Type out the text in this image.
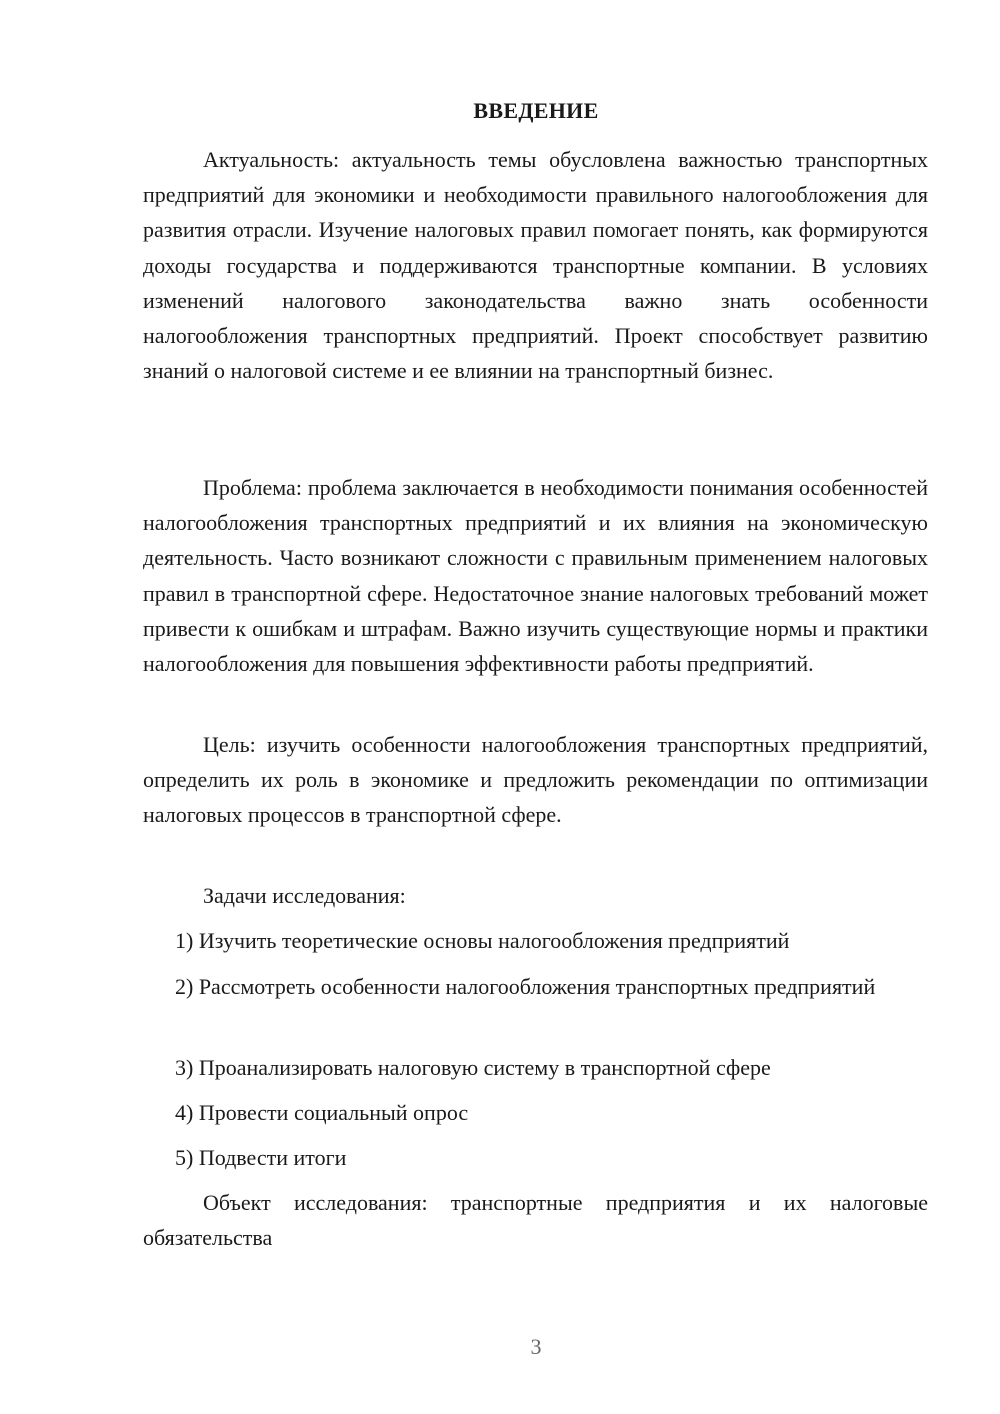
ВВЕДЕНИЕ

Актуальность: актуальность темы обусловлена важностью транспортных предприятий для экономики и необходимости правильного налогообложения для развития отрасли. Изучение налоговых правил помогает понять, как формируются доходы государства и поддерживаются транспортные компании. В условиях изменений налогового законодательства важно знать особенности налогообложения транспортных предприятий. Проект способствует развитию знаний о налоговой системе и ее влиянии на транспортный бизнес.

Проблема: проблема заключается в необходимости понимания особенностей налогообложения транспортных предприятий и их влияния на экономическую деятельность. Часто возникают сложности с правильным применением налоговых правил в транспортной сфере. Недостаточное знание налоговых требований может привести к ошибкам и штрафам. Важно изучить существующие нормы и практики налогообложения для повышения эффективности работы предприятий.

Цель: изучить особенности налогообложения транспортных предприятий, определить их роль в экономике и предложить рекомендации по оптимизации налоговых процессов в транспортной сфере.

Задачи исследования:

1) Изучить теоретические основы налогообложения предприятий

2) Рассмотреть особенности налогообложения транспортных предприятий

3) Проанализировать налоговую систему в транспортной сфере

4) Провести социальный опрос

5) Подвести итоги

Объект исследования: транспортные предприятия и их налоговые обязательства

3
